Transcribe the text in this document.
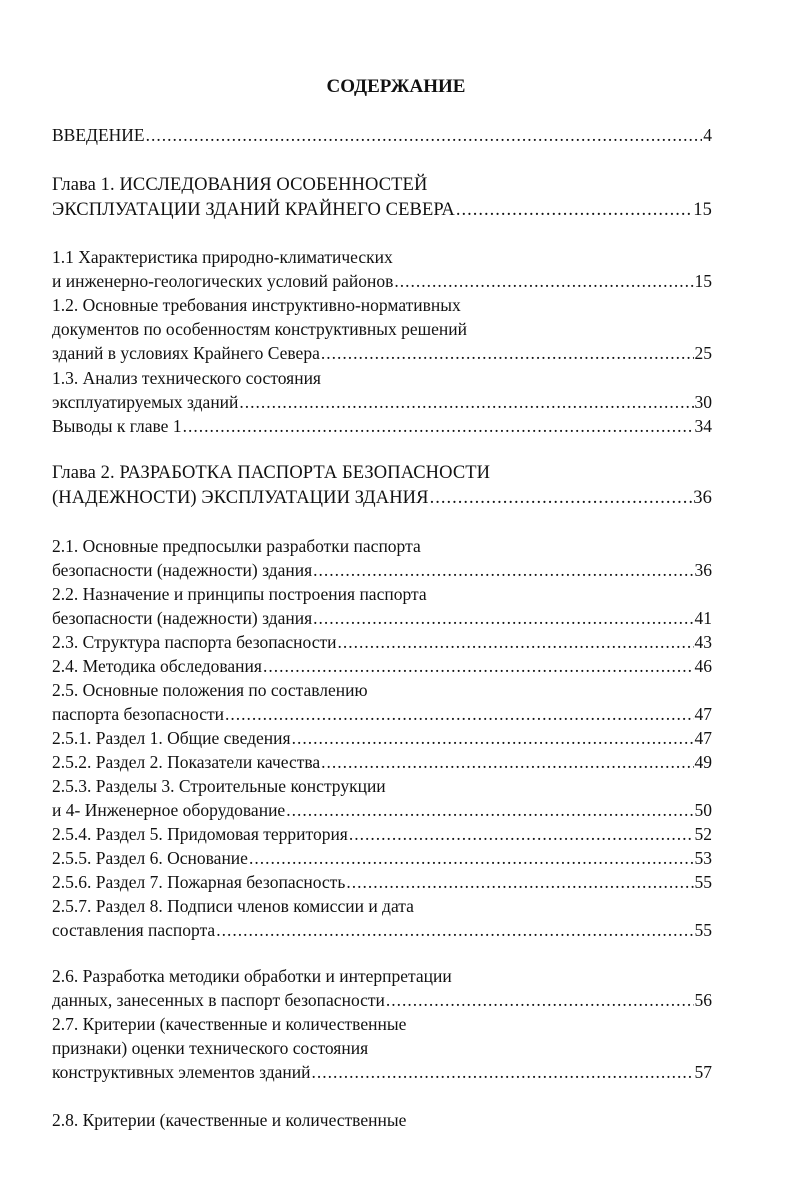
СОДЕРЖАНИЕ
ВВЕДЕНИЕ .....	4
Глава 1. ИССЛЕДОВАНИЯ ОСОБЕННОСТЕЙ
ЭКСПЛУАТАЦИИ ЗДАНИЙ КРАЙНЕГО СЕВЕРА .....	15
1.1 Характеристика природно-климатических
и инженерно-геологических условий районов .....	15
1.2. Основные требования инструктивно-нормативных
документов по особенностям конструктивных решений
зданий в условиях Крайнего Севера .....	25
1.3. Анализ технического состояния
эксплуатируемых зданий .....	30
Выводы к главе 1 .....	34
Глава 2. РАЗРАБОТКА ПАСПОРТА БЕЗОПАСНОСТИ
(НАДЕЖНОСТИ) ЭКСПЛУАТАЦИИ ЗДАНИЯ .....	36
2.1. Основные предпосылки разработки паспорта
безопасности (надежности) здания .....	36
2.2. Назначение и принципы построения паспорта
безопасности (надежности) здания .....	41
2.3. Структура паспорта безопасности .....	43
2.4. Методика обследования .....	46
2.5. Основные положения по составлению
паспорта безопасности .....	47
2.5.1. Раздел 1. Общие сведения .....	47
2.5.2. Раздел 2. Показатели качества .....	49
2.5.3. Разделы 3. Строительные конструкции
и 4- Инженерное оборудование .....	50
2.5.4. Раздел 5. Придомовая территория .....	52
2.5.5. Раздел 6. Основание .....	53
2.5.6. Раздел 7. Пожарная безопасность .....	55
2.5.7. Раздел 8. Подписи членов комиссии и дата
составления паспорта .....	55
2.6. Разработка методики обработки и интерпретации
данных, занесенных в паспорт безопасности .....	56
2.7. Критерии (качественные и количественные
признаки) оценки технического состояния
конструктивных элементов зданий .....	57
2.8. Критерии (качественные и количественные
